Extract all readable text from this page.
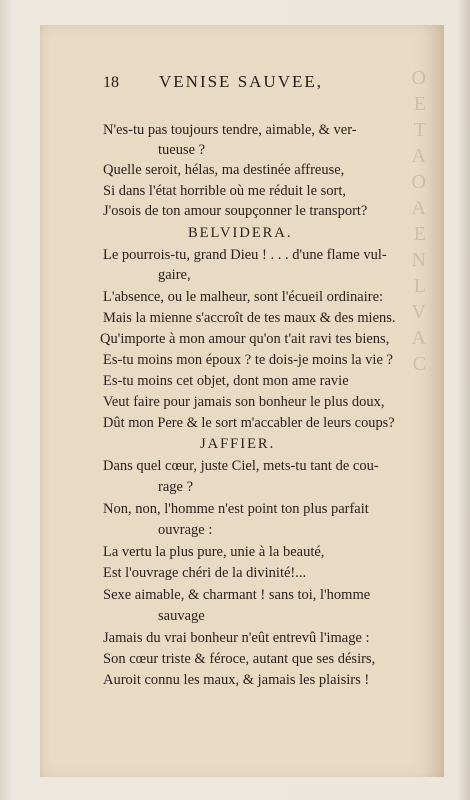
O
E
T
A
O
A
E
N
L
V
A
C
18 VENISE SAUVEE,
N'es-tu pas toujours tendre, aimable, & ver-
tueuse ?
Quelle seroit, hélas, ma destinée affreuse,
Si dans l'état horrible où me réduit le sort,
J'osois de ton amour soupçonner le transport?
BELVIDERA.
Le pourrois-tu, grand Dieu ! . . . d'une flame vul-
gaire,
L'absence, ou le malheur, sont l'écueil ordinaire:
Mais la mienne s'accroît de tes maux & des miens.
Qu'importe à mon amour qu'on t'ait ravi tes biens,
Es-tu moins mon époux ? te dois-je moins la vie ?
Es-tu moins cet objet, dont mon ame ravie
Veut faire pour jamais son bonheur le plus doux,
Dût mon Pere & le sort m'accabler de leurs coups?
JAFFIER.
Dans quel cœur, juste Ciel, mets-tu tant de cou-
rage ?
Non, non, l'homme n'est point ton plus parfait
ouvrage :
La vertu la plus pure, unie à la beauté,
Est l'ouvrage chéri de la divinité!...
Sexe aimable, & charmant ! sans toi, l'homme
sauvage
Jamais du vrai bonheur n'eût entrevû l'image :
Son cœur triste & féroce, autant que ses désirs,
Auroit connu les maux, & jamais les plaisirs !
